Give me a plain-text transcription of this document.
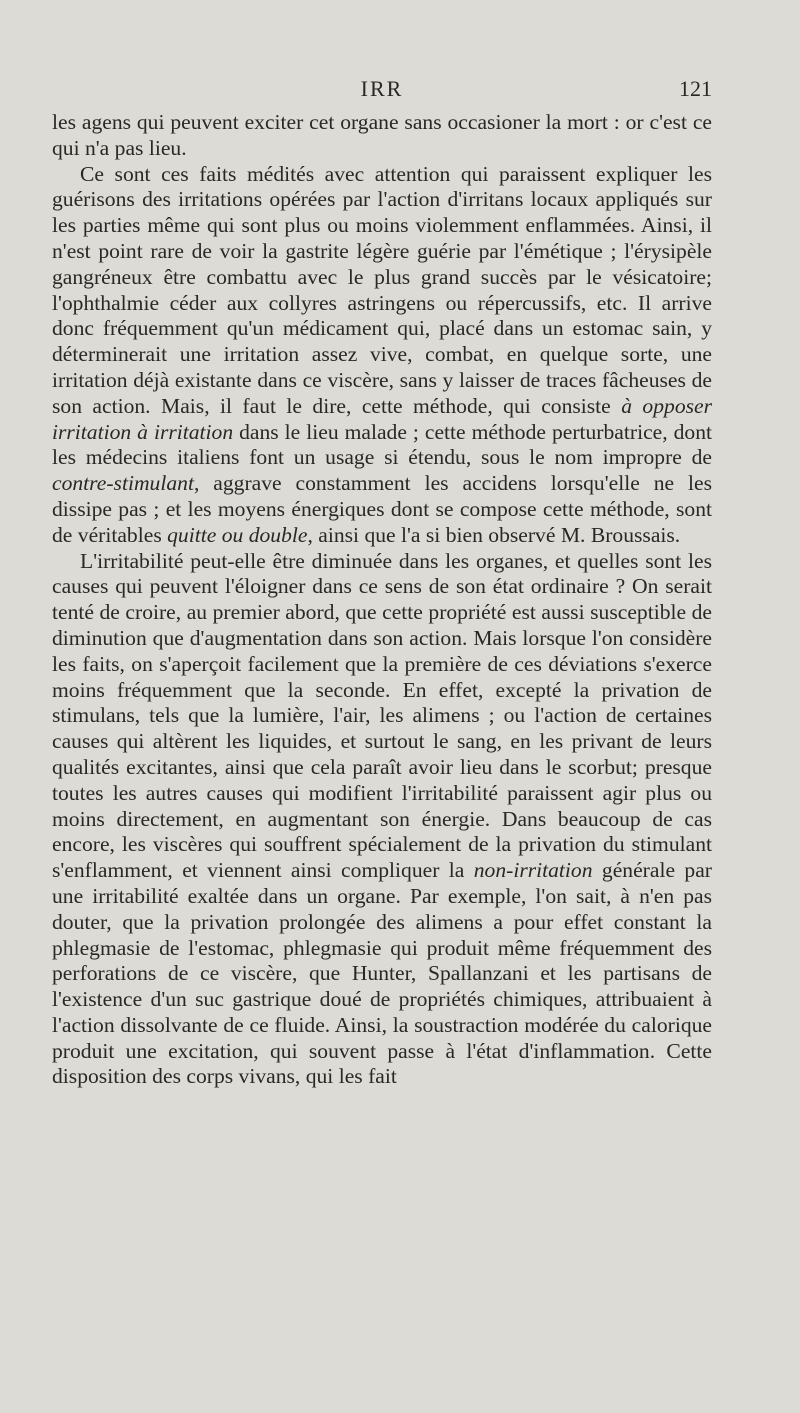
IRR	121

les agens qui peuvent exciter cet organe sans occasioner la mort : or c'est ce qui n'a pas lieu.

Ce sont ces faits médités avec attention qui paraissent expliquer les guérisons des irritations opérées par l'action d'irritans locaux appliqués sur les parties même qui sont plus ou moins violemment enflammées. Ainsi, il n'est point rare de voir la gastrite légère guérie par l'émétique ; l'érysipèle gangréneux être combattu avec le plus grand succès par le vésicatoire; l'ophthalmie céder aux collyres astringens ou répercussifs, etc. Il arrive donc fréquemment qu'un médicament qui, placé dans un estomac sain, y déterminerait une irritation assez vive, combat, en quelque sorte, une irritation déjà existante dans ce viscère, sans y laisser de traces fâcheuses de son action. Mais, il faut le dire, cette méthode, qui consiste à opposer irritation à irritation dans le lieu malade ; cette méthode perturbatrice, dont les médecins italiens font un usage si étendu, sous le nom impropre de contre-stimulant, aggrave constamment les accidens lorsqu'elle ne les dissipe pas ; et les moyens énergiques dont se compose cette méthode, sont de véritables quitte ou double, ainsi que l'a si bien observé M. Broussais.

L'irritabilité peut-elle être diminuée dans les organes, et quelles sont les causes qui peuvent l'éloigner dans ce sens de son état ordinaire ? On serait tenté de croire, au premier abord, que cette propriété est aussi susceptible de diminution que d'augmentation dans son action. Mais lorsque l'on considère les faits, on s'aperçoit facilement que la première de ces déviations s'exerce moins fréquemment que la seconde. En effet, excepté la privation de stimulans, tels que la lumière, l'air, les alimens ; ou l'action de certaines causes qui altèrent les liquides, et surtout le sang, en les privant de leurs qualités excitantes, ainsi que cela paraît avoir lieu dans le scorbut; presque toutes les autres causes qui modifient l'irritabilité paraissent agir plus ou moins directement, en augmentant son énergie. Dans beaucoup de cas encore, les viscères qui souffrent spécialement de la privation du stimulant s'enflamment, et viennent ainsi compliquer la non-irritation générale par une irritabilité exaltée dans un organe. Par exemple, l'on sait, à n'en pas douter, que la privation prolongée des alimens a pour effet constant la phlegmasie de l'estomac, phlegmasie qui produit même fréquemment des perforations de ce viscère, que Hunter, Spallanzani et les partisans de l'existence d'un suc gastrique doué de propriétés chimiques, attribuaient à l'action dissolvante de ce fluide. Ainsi, la soustraction modérée du calorique produit une excitation, qui souvent passe à l'état d'inflammation. Cette disposition des corps vivans, qui les fait
